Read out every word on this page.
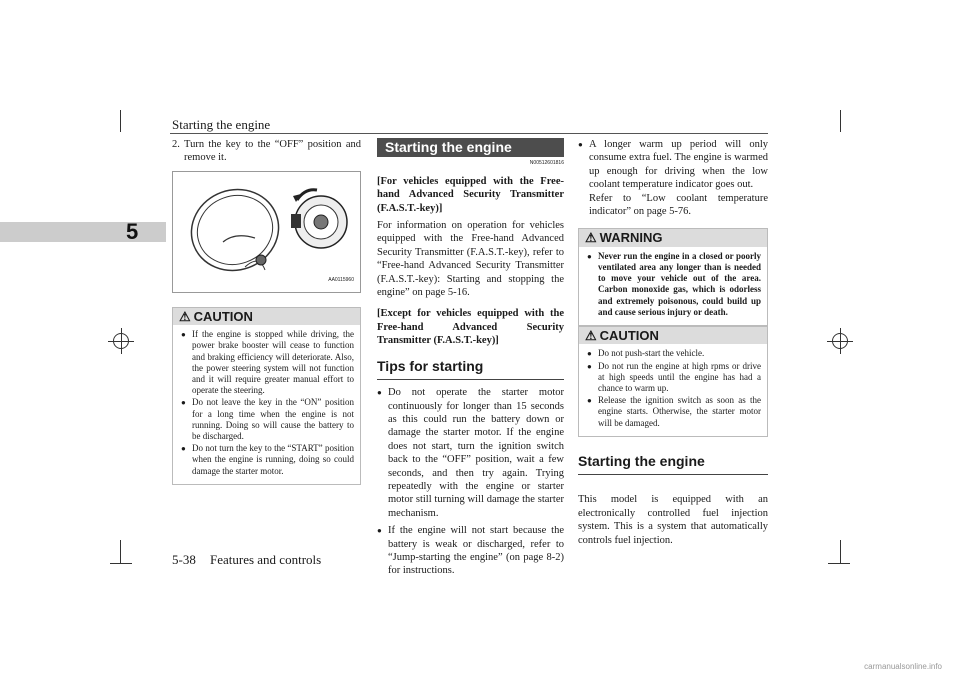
Starting the engine
5
5-38 Features and controls

2. Turn the key to the “OFF” position and remove it.

AA0115960
⚠ CAUTION

● If the engine is stopped while driving, the power brake booster will cease to function and braking efficiency will deteriorate. Also, the power steering system will not function and it will require greater manual effort to operate the steering.

● Do not leave the key in the “ON” position for a long time when the engine is not running. Doing so will cause the battery to be discharged.

● Do not turn the key to the “START” position when the engine is running, doing so could damage the starter motor.

Starting the engine
N00512601816

[For vehicles equipped with the Free-hand Advanced Security Transmitter (F.A.S.T.-key)]

For information on operation for vehicles equipped with the Free-hand Advanced Security Transmitter (F.A.S.T.-key), refer to “Free-hand Advanced Security Transmitter (F.A.S.T.-key): Starting and stopping the engine” on page 5-16.

[Except for vehicles equipped with the Free-hand Advanced Security Transmitter (F.A.S.T.-key)]

Tips for starting

● Do not operate the starter motor continuously for longer than 15 seconds as this could run the battery down or damage the starter motor. If the engine does not start, turn the ignition switch back to the “OFF” position, wait a few seconds, and then try again. Trying repeatedly with the engine or starter motor still turning will damage the starter mechanism.

● If the engine will not start because the battery is weak or discharged, refer to “Jump-starting the engine” (on page 8-2) for instructions.

● A longer warm up period will only consume extra fuel. The engine is warmed up enough for driving when the low coolant temperature indicator goes out.

Refer to “Low coolant temperature indicator” on page 5-76.

⚠ WARNING

● Never run the engine in a closed or poorly ventilated area any longer than is needed to move your vehicle out of the area. Carbon monoxide gas, which is odorless and extremely poisonous, could build up and cause serious injury or death.

⚠ CAUTION

● Do not push-start the vehicle.

● Do not run the engine at high rpms or drive at high speeds until the engine has had a chance to warm up.

● Release the ignition switch as soon as the engine starts. Otherwise, the starter motor will be damaged.

Starting the engine

This model is equipped with an electronically controlled fuel injection system. This is a system that automatically controls fuel injection.

carmanualsonline.info
